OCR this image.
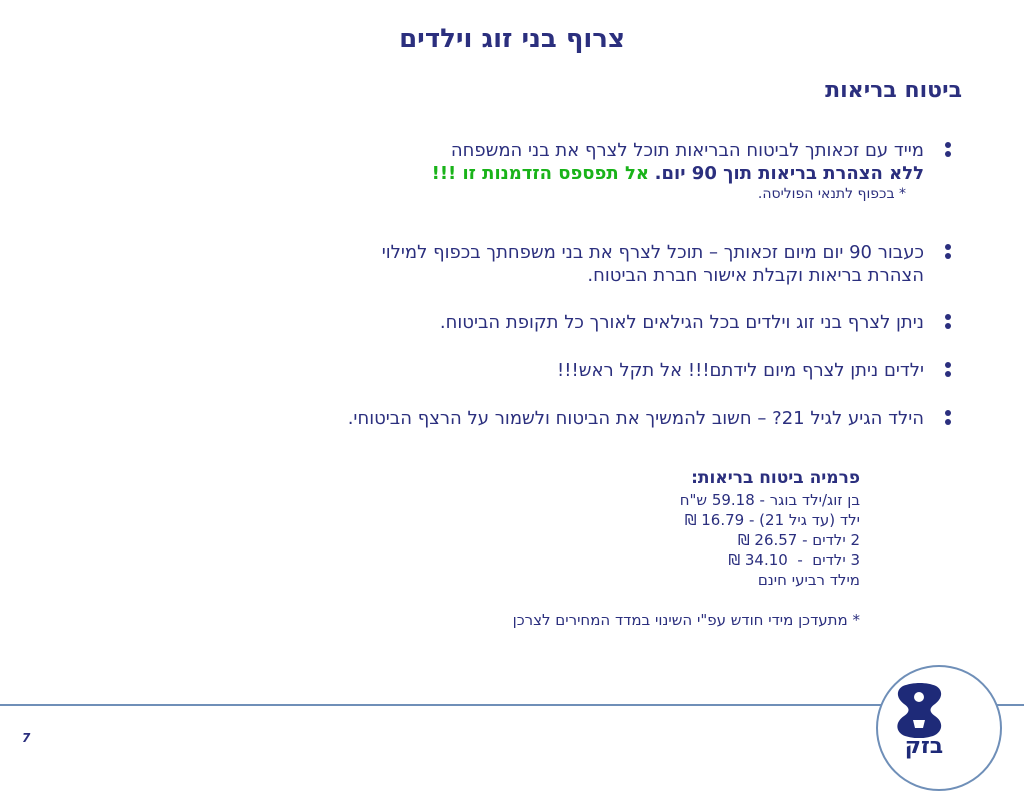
צרוף בני זוג וילדים
ביטוח בריאות
מייד עם זכאותך לביטוח הבריאות תוכל לצרף את בני המשפחה
ללא הצהרת בריאות תוך 90 יום. אל תפספס הזדמנות זו !!!
* בכפוף לתנאי הפוליסה.
כעבור 90 יום מיום זכאותך – תוכל לצרף את בני משפחתך בכפוף למילוי
הצהרת בריאות וקבלת אישור חברת הביטוח.
ניתן לצרף בני זוג וילדים בכל הגילאים לאורך כל תקופת הביטוח.
ילדים ניתן לצרף מיום לידתם!!! אל תקל ראש!!!
הילד הגיע לגיל 21? – חשוב להמשיך את הביטוח ולשמור על הרצף הביטוחי.
פרמיה ביטוח בריאות:
בן זוג/ילד בוגר - 59.18 ש"ח
ילד (עד גיל 21) - 16.79 ₪
2 ילדים - 26.57 ₪
3 ילדים  -  34.10 ₪
מילד רביעי חינם
* מתעדכן מידי חודש עפ"י השינוי במדד המחירים לצרכן
בזק
7
